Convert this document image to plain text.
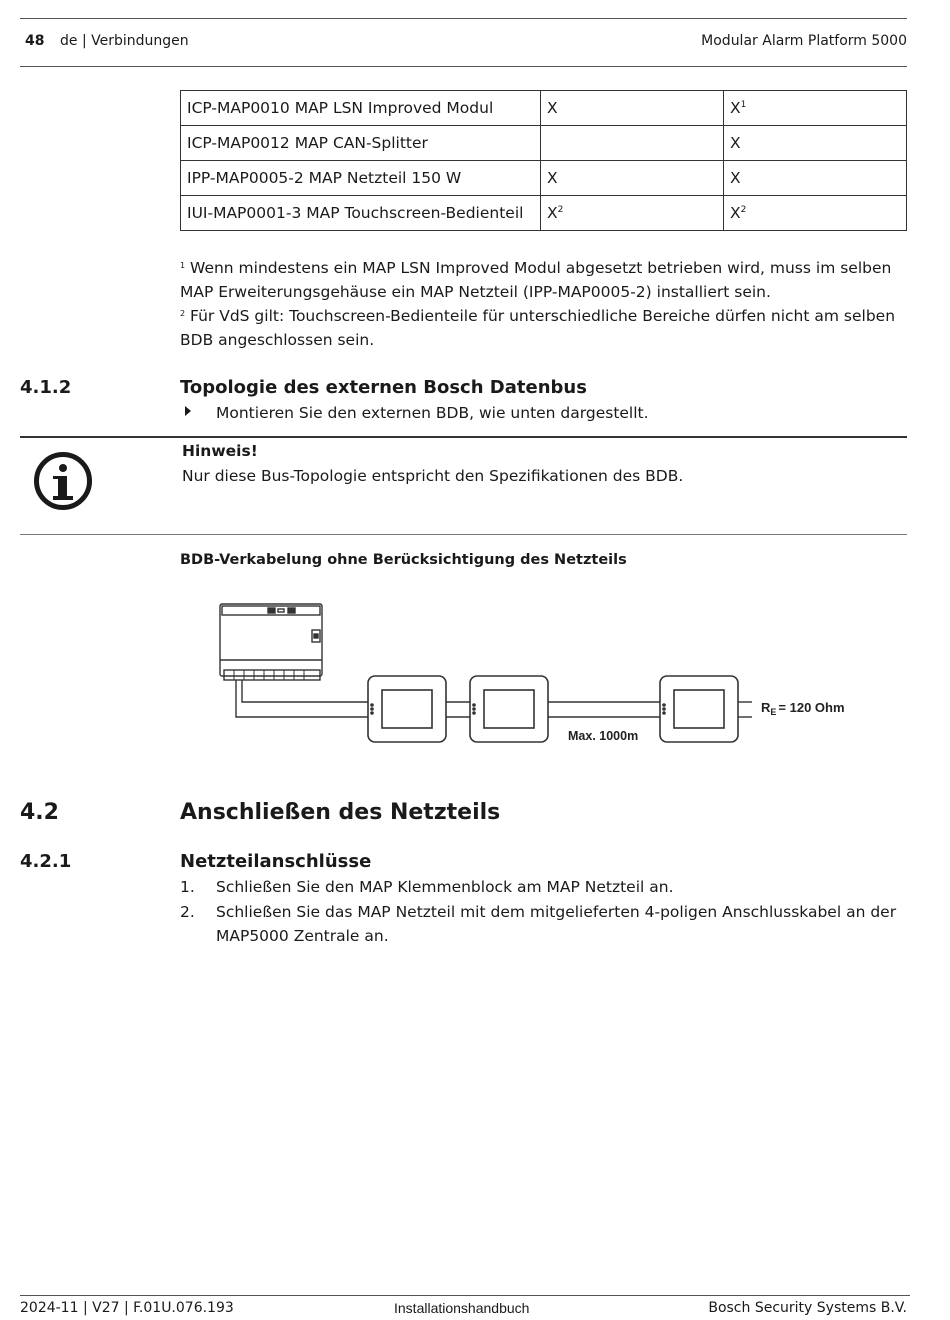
48 de | Verbindungen	Modular Alarm Platform 5000
ICP-MAP0010 MAP LSN Improved Modul	X	$X^1$
ICP-MAP0012 MAP CAN-Splitter		X
IPP-MAP0005-2 MAP Netzteil 150 W	X	X
IUI-MAP0001-3 MAP Touchscreen-Bedienteil	$X^2$	$X^2$
$^1$ Wenn mindestens ein MAP LSN Improved Modul abgesetzt betrieben wird, muss im selben MAP Erweiterungsgehäuse ein MAP Netzteil (IPP-MAP0005-2) installiert sein.
$^2$ Für VdS gilt: Touchscreen-Bedienteile für unterschiedliche Bereiche dürfen nicht am selben BDB angeschlossen sein.
4.1.2	Topologie des externen Bosch Datenbus
Montieren Sie den externen BDB, wie unten dargestellt.
Hinweis!
Nur diese Bus-Topologie entspricht den Spezifikationen des BDB.
BDB-Verkabelung ohne Berücksichtigung des Netzteils
Max. 1000m
$R_E = 120$ Ohm
4.2	Anschließen des Netzteils
4.2.1	Netzteilanschlüsse
1. Schließen Sie den MAP Klemmenblock am MAP Netzteil an.
2. Schließen Sie das MAP Netzteil mit dem mitgelieferten 4-poligen Anschlusskabel an der MAP5000 Zentrale an.
2024-11 | V27 | F.01U.076.193	Installationshandbuch	Bosch Security Systems B.V.
